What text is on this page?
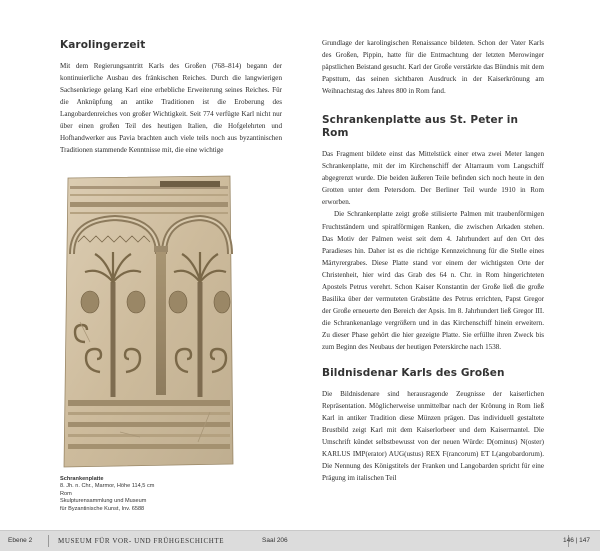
Karolingerzeit

Mit dem Regierungsantritt Karls des Großen (768–814) begann der kontinuierliche Ausbau des fränkischen Reiches. Durch die langwierigen Sachsenkriege gelang Karl eine erhebliche Erweiterung seines Reiches. Für die Anknüpfung an antike Traditionen ist die Eroberung des Langobardenreiches von großer Wichtigkeit. Seit 774 verfügte Karl nicht nur über einen großen Teil des heutigen Italien, die Hofgelehrten und Hofhandwerker aus Pavia brachten auch viele teils noch aus byzantinischen Traditionen stammende Kenntnisse mit, die eine wichtige

Schrankenplatte
8. Jh. n. Chr., Marmor, Höhe 114,5 cm
Rom
Skulpturensammlung und Museum
für Byzantinische Kunst, Inv. 6588

Grundlage der karolingischen Renaissance bildeten. Schon der Vater Karls des Großen, Pippin, hatte für die Entmachtung der letzten Merowinger päpstlichen Beistand gesucht. Karl der Große verstärkte das Bündnis mit dem Papsttum, das seinen sichtbaren Ausdruck in der Kaiserkrönung am Weihnachtstag des Jahres 800 in Rom fand.

Schrankenplatte aus St. Peter in Rom

Das Fragment bildete einst das Mittelstück einer etwa zwei Meter langen Schrankenplatte, mit der im Kirchenschiff der Altarraum vom Langschiff abgegrenzt wurde. Die beiden äußeren Teile befinden sich noch heute in den Grotten unter dem Petersdom. Der Berliner Teil wurde 1910 in Rom erworben.

Die Schrankenplatte zeigt große stilisierte Palmen mit traubenförmigen Fruchtständern und spiralförmigen Ranken, die zwischen Arkaden stehen. Das Motiv der Palmen weist seit dem 4. Jahrhundert auf den Ort des Paradieses hin. Daher ist es die richtige Kennzeichnung für die Stelle eines Märtyrergrabes. Diese Platte stand vor einem der wichtigsten Orte der Christenheit, hier wird das Grab des 64 n. Chr. in Rom hingerichteten Apostels Petrus verehrt. Schon Kaiser Konstantin der Große ließ die große Basilika über der vermuteten Grabstätte des Petrus errichten, Papst Gregor der Große erneuerte den Bereich der Apsis. Im 8. Jahrhundert ließ Gregor III. die Schrankenanlage vergrößern und in das Kirchenschiff hinein erweitern. Zu dieser Phase gehört die hier gezeigte Platte. Sie erfüllte ihren Zweck bis zum Beginn des Neubaus der heutigen Peterskirche nach 1538.

Bildnisdenar Karls des Großen

Die Bildnisdenare sind herausragende Zeugnisse der kaiserlichen Repräsentation. Möglicherweise unmittelbar nach der Krönung in Rom ließ Karl in antiker Tradition diese Münzen prägen. Das individuell gestaltete Brustbild zeigt Karl mit dem Kaiserlorbeer und dem Kaisermantel. Die Umschrift kündet selbstbewusst von der neuen Würde: D(ominus) N(oster) KARLUS IMP(erator) AUG(ustus) REX F(rancorum) ET L(angobardorum). Die Nennung des Königstitels der Franken und Langobarden spricht für eine Prägung im italischen Teil

Ebene 2	MUSEUM FÜR VOR- UND FRÜHGESCHICHTE	Saal 206	146 | 147
